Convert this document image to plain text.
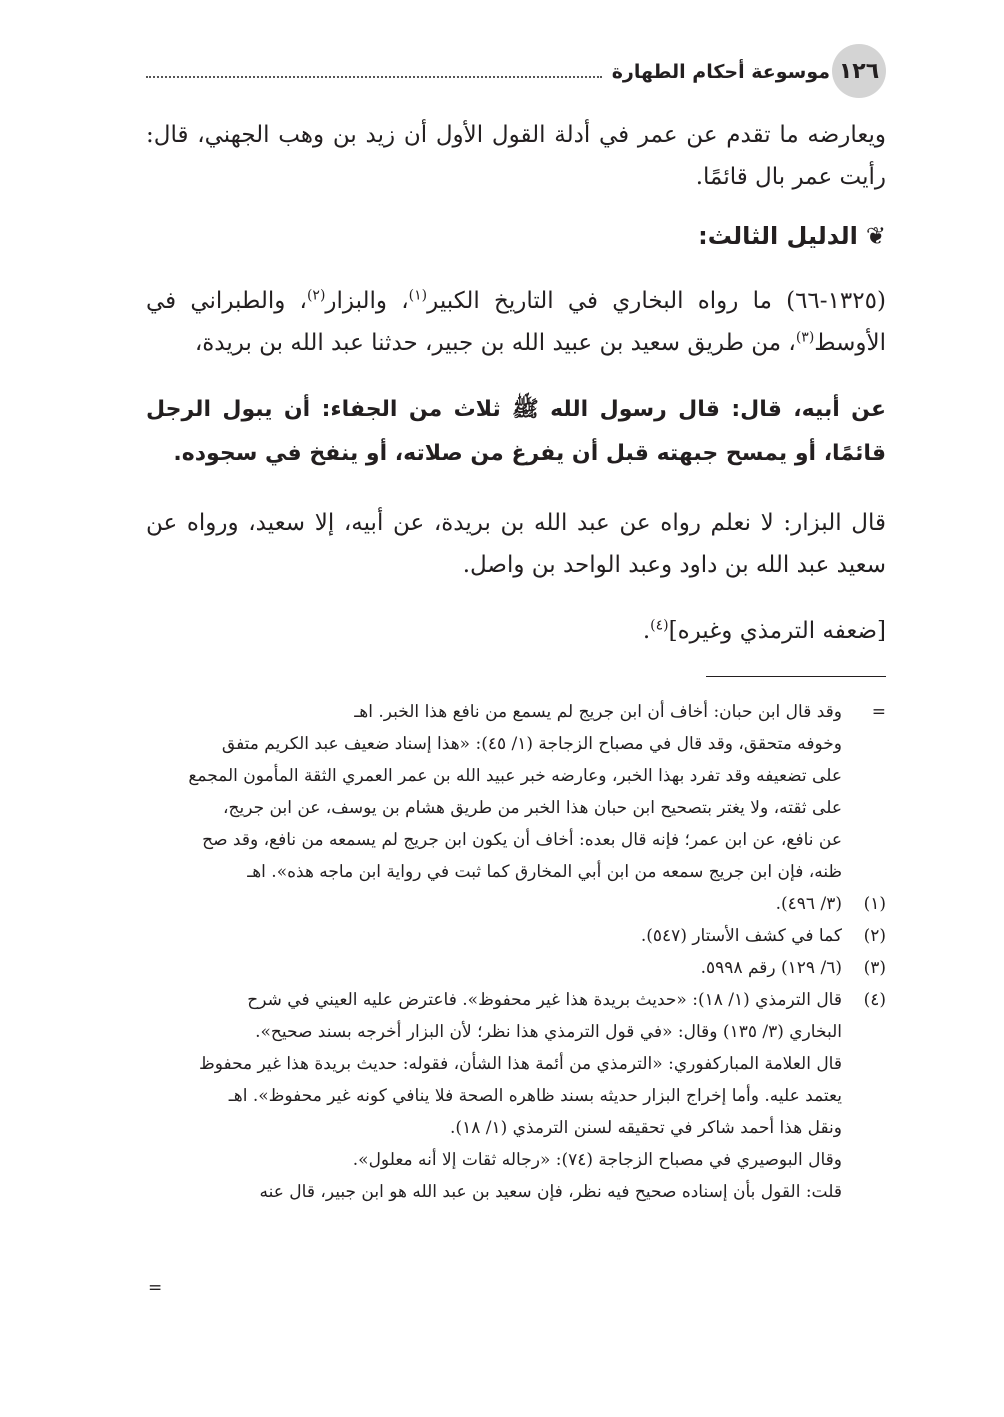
١٢٦
موسوعة أحكام الطهارة

ويعارضه ما تقدم عن عمر في أدلة القول الأول أن زيد بن وهب الجهني، قال: رأيت عمر بال قائمًا.

❦الدليل الثالث:

(١٣٢٥-٦٦) ما رواه البخاري في التاريخ الكبير$^{(١)}$، والبزار$^{(٢)}$، والطبراني في الأوسط$^{(٣)}$، من طريق سعيد بن عبيد الله بن جبير، حدثنا عبد الله بن بريدة،

عن أبيه، قال: قال رسول الله ﷺ ثلاث من الجفاء: أن يبول الرجل قائمًا، أو يمسح جبهته قبل أن يفرغ من صلاته، أو ينفخ في سجوده.

قال البزار: لا نعلم رواه عن عبد الله بن بريدة، عن أبيه، إلا سعيد، ورواه عن سعيد عبد الله بن داود وعبد الواحد بن واصل.

[ضعفه الترمذي وغيره]$^{(٤)}$.

=
وقد قال ابن حبان: أخاف أن ابن جريج لم يسمع من نافع هذا الخبر. اهـ
وخوفه متحقق، وقد قال في مصباح الزجاجة (١/ ٤٥): «هذا إسناد ضعيف عبد الكريم متفق
على تضعيفه وقد تفرد بهذا الخبر، وعارضه خبر عبيد الله بن عمر العمري الثقة المأمون المجمع
على ثقته، ولا يغتر بتصحيح ابن حبان هذا الخبر من طريق هشام بن يوسف، عن ابن جريج،
عن نافع، عن ابن عمر؛ فإنه قال بعده: أخاف أن يكون ابن جريج لم يسمعه من نافع، وقد صح
ظنه، فإن ابن جريج سمعه من ابن أبي المخارق كما ثبت في رواية ابن ماجه هذه». اهـ
(١)
(٣/ ٤٩٦).
(٢)
كما في كشف الأستار (٥٤٧).
(٣)
(٦/ ١٢٩) رقم ٥٩٩٨.
(٤)
قال الترمذي (١/ ١٨): «حديث بريدة هذا غير محفوظ». فاعترض عليه العيني في شرح
البخاري (٣/ ١٣٥) وقال: «في قول الترمذي هذا نظر؛ لأن البزار أخرجه بسند صحيح».
قال العلامة المباركفوري: «الترمذي من أئمة هذا الشأن، فقوله: حديث بريدة هذا غير محفوظ
يعتمد عليه. وأما إخراج البزار حديثه بسند ظاهره الصحة فلا ينافي كونه غير محفوظ». اهـ
ونقل هذا أحمد شاكر في تحقيقه لسنن الترمذي (١/ ١٨).
وقال البوصيري في مصباح الزجاجة (٧٤): «رجاله ثقات إلا أنه معلول».
قلت: القول بأن إسناده صحيح فيه نظر، فإن سعيد بن عبد الله هو ابن جبير، قال عنه
=
